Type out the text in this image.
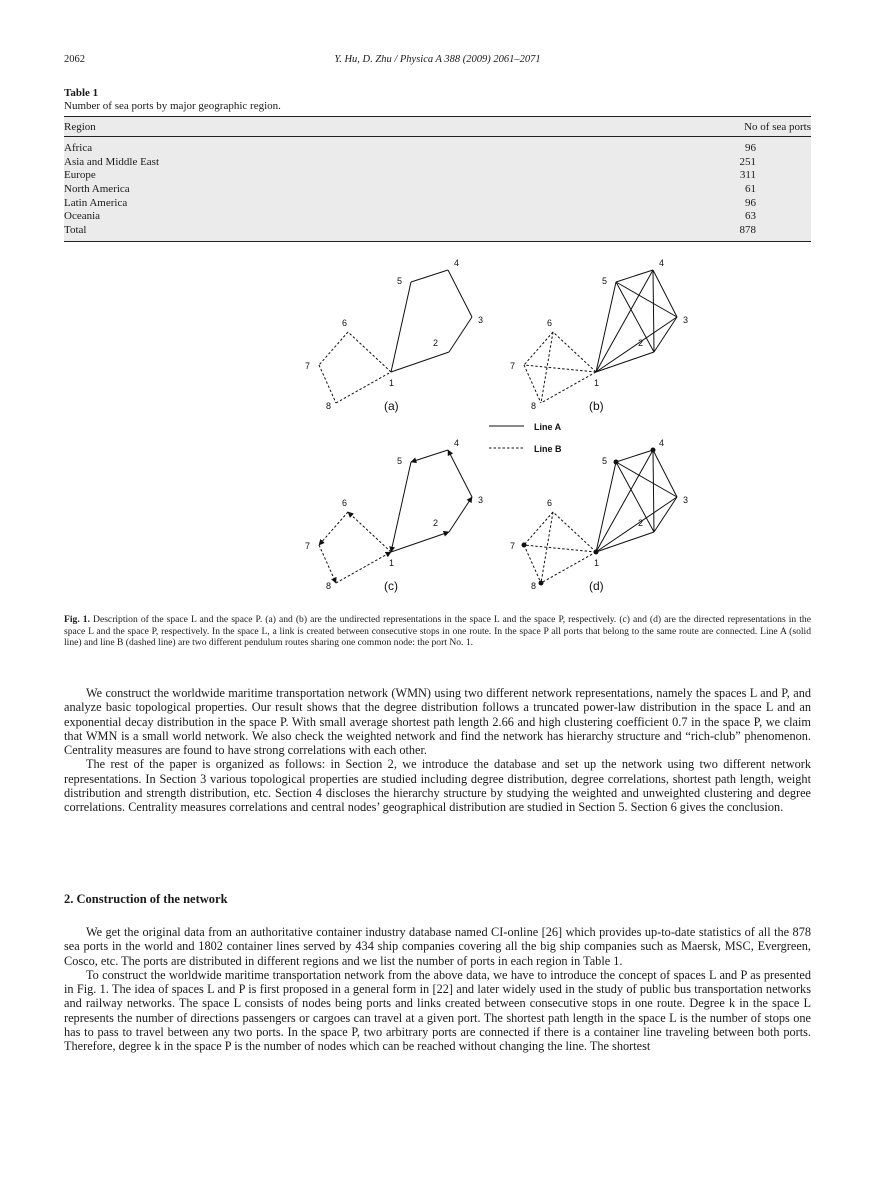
2062	Y. Hu, D. Zhu / Physica A 388 (2009) 2061–2071
Table 1
Number of sea ports by major geographic region.
Region	No of sea ports
Africa	96
Asia and Middle East	251
Europe	311
North America	61
Latin America	96
Oceania	63
Total	878
1
2
3
4
5
6
7
8	(a)
1
2
3
4
5
6
7
8	(b)
1
2
3
4
5
6
7
8	(c)
1
2
3
4
5
6
7
8	(d)
Line A
Line B
Fig. 1. Description of the space L and the space P. (a) and (b) are the undirected representations in the space L and the space P, respectively. (c) and (d) are the directed representations in the space L and the space P, respectively. In the space L, a link is created between consecutive stops in one route. In the space P all ports that belong to the same route are connected. Line A (solid line) and line B (dashed line) are two different pendulum routes sharing one common node: the port No. 1.

We construct the worldwide maritime transportation network (WMN) using two different network representations, namely the spaces L and P, and analyze basic topological properties. Our result shows that the degree distribution follows a truncated power-law distribution in the space L and an exponential decay distribution in the space P. With small average shortest path length 2.66 and high clustering coefficient 0.7 in the space P, we claim that WMN is a small world network. We also check the weighted network and find the network has hierarchy structure and “rich-club” phenomenon. Centrality measures are found to have strong correlations with each other.

The rest of the paper is organized as follows: in Section 2, we introduce the database and set up the network using two different network representations. In Section 3 various topological properties are studied including degree distribution, degree correlations, shortest path length, weight distribution and strength distribution, etc. Section 4 discloses the hierarchy structure by studying the weighted and unweighted clustering and degree correlations. Centrality measures correlations and central nodes’ geographical distribution are studied in Section 5. Section 6 gives the conclusion.

2. Construction of the network

We get the original data from an authoritative container industry database named CI-online [26] which provides up-to-date statistics of all the 878 sea ports in the world and 1802 container lines served by 434 ship companies covering all the big ship companies such as Maersk, MSC, Evergreen, Cosco, etc. The ports are distributed in different regions and we list the number of ports in each region in Table 1.

To construct the worldwide maritime transportation network from the above data, we have to introduce the concept of spaces L and P as presented in Fig. 1. The idea of spaces L and P is first proposed in a general form in [22] and later widely used in the study of public bus transportation networks and railway networks. The space L consists of nodes being ports and links created between consecutive stops in one route. Degree k in the space L represents the number of directions passengers or cargoes can travel at a given port. The shortest path length in the space L is the number of stops one has to pass to travel between any two ports. In the space P, two arbitrary ports are connected if there is a container line traveling between both ports. Therefore, degree k in the space P is the number of nodes which can be reached without changing the line. The shortest
